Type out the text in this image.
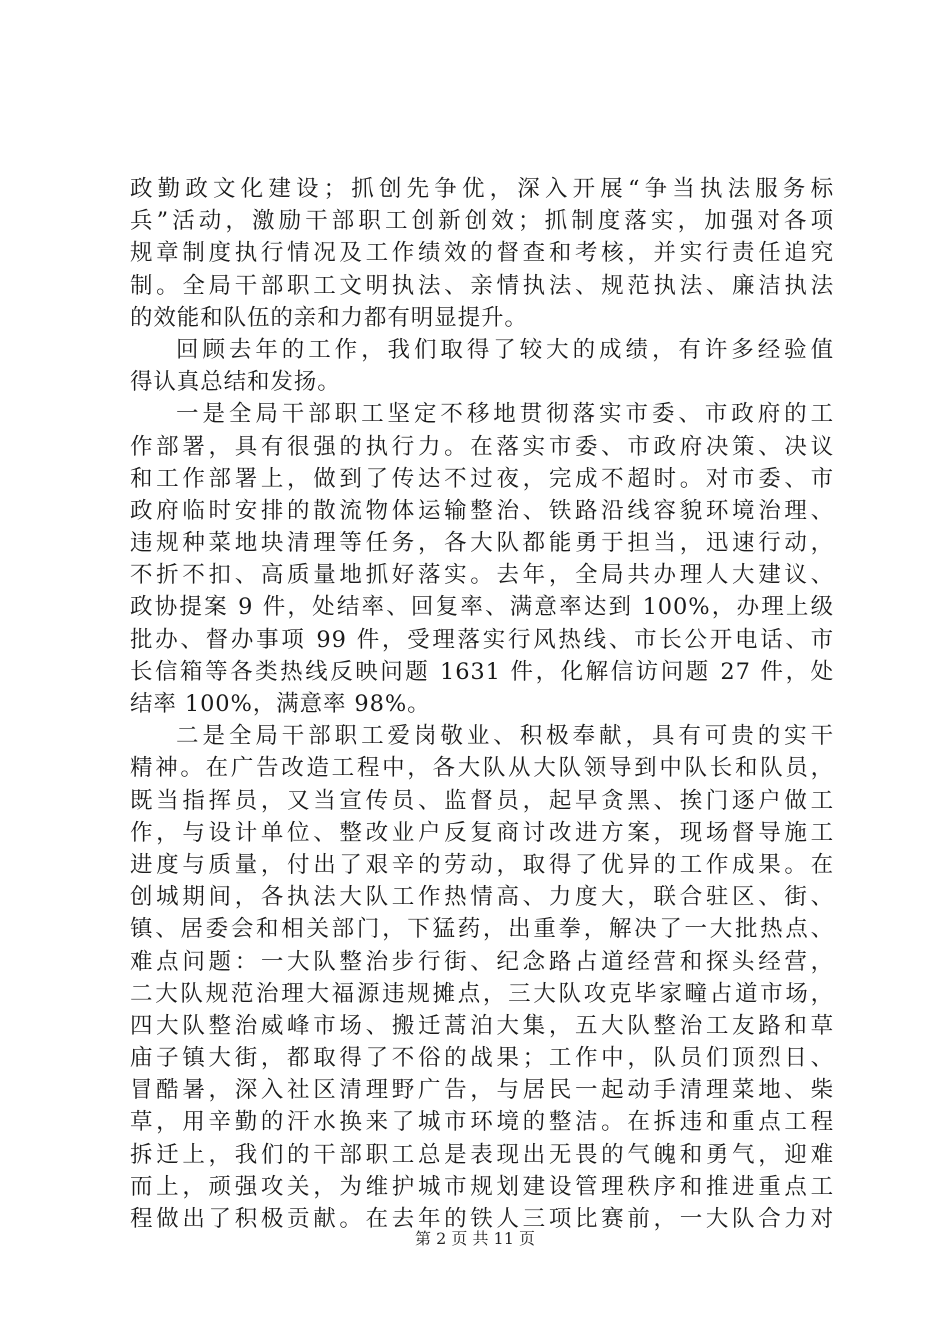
政勤政文化建设；抓创先争优，深入开展“争当执法服务标
兵”活动，激励干部职工创新创效；抓制度落实，加强对各项
规章制度执行情况及工作绩效的督查和考核，并实行责任追究
制。全局干部职工文明执法、亲情执法、规范执法、廉洁执法
的效能和队伍的亲和力都有明显提升。
回顾去年的工作，我们取得了较大的成绩，有许多经验值
得认真总结和发扬。
一是全局干部职工坚定不移地贯彻落实市委、市政府的工
作部署，具有很强的执行力。在落实市委、市政府决策、决议
和工作部署上，做到了传达不过夜，完成不超时。对市委、市
政府临时安排的散流物体运输整治、铁路沿线容貌环境治理、
违规种菜地块清理等任务，各大队都能勇于担当，迅速行动，
不折不扣、高质量地抓好落实。去年，全局共办理人大建议、
政协提案 9 件，处结率、回复率、满意率达到 100%，办理上级
批办、督办事项 99 件，受理落实行风热线、市长公开电话、市
长信箱等各类热线反映问题 1631 件，化解信访问题 27 件，处
结率 100%，满意率 98%。
二是全局干部职工爱岗敬业、积极奉献，具有可贵的实干
精神。在广告改造工程中，各大队从大队领导到中队长和队员，
既当指挥员，又当宣传员、监督员，起早贪黑、挨门逐户做工
作，与设计单位、整改业户反复商讨改进方案，现场督导施工
进度与质量，付出了艰辛的劳动，取得了优异的工作成果。在
创城期间，各执法大队工作热情高、力度大，联合驻区、街、
镇、居委会和相关部门，下猛药，出重拳，解决了一大批热点、
难点问题：一大队整治步行街、纪念路占道经营和探头经营，
二大队规范治理大福源违规摊点，三大队攻克毕家疃占道市场，
四大队整治威峰市场、搬迁蒿泊大集，五大队整治工友路和草
庙子镇大街，都取得了不俗的战果；工作中，队员们顶烈日、
冒酷暑，深入社区清理野广告，与居民一起动手清理菜地、柴
草，用辛勤的汗水换来了城市环境的整洁。在拆违和重点工程
拆迁上，我们的干部职工总是表现出无畏的气魄和勇气，迎难
而上，顽强攻关，为维护城市规划建设管理秩序和推进重点工
程做出了积极贡献。在去年的铁人三项比赛前，一大队合力对
第 2 页 共 11 页
